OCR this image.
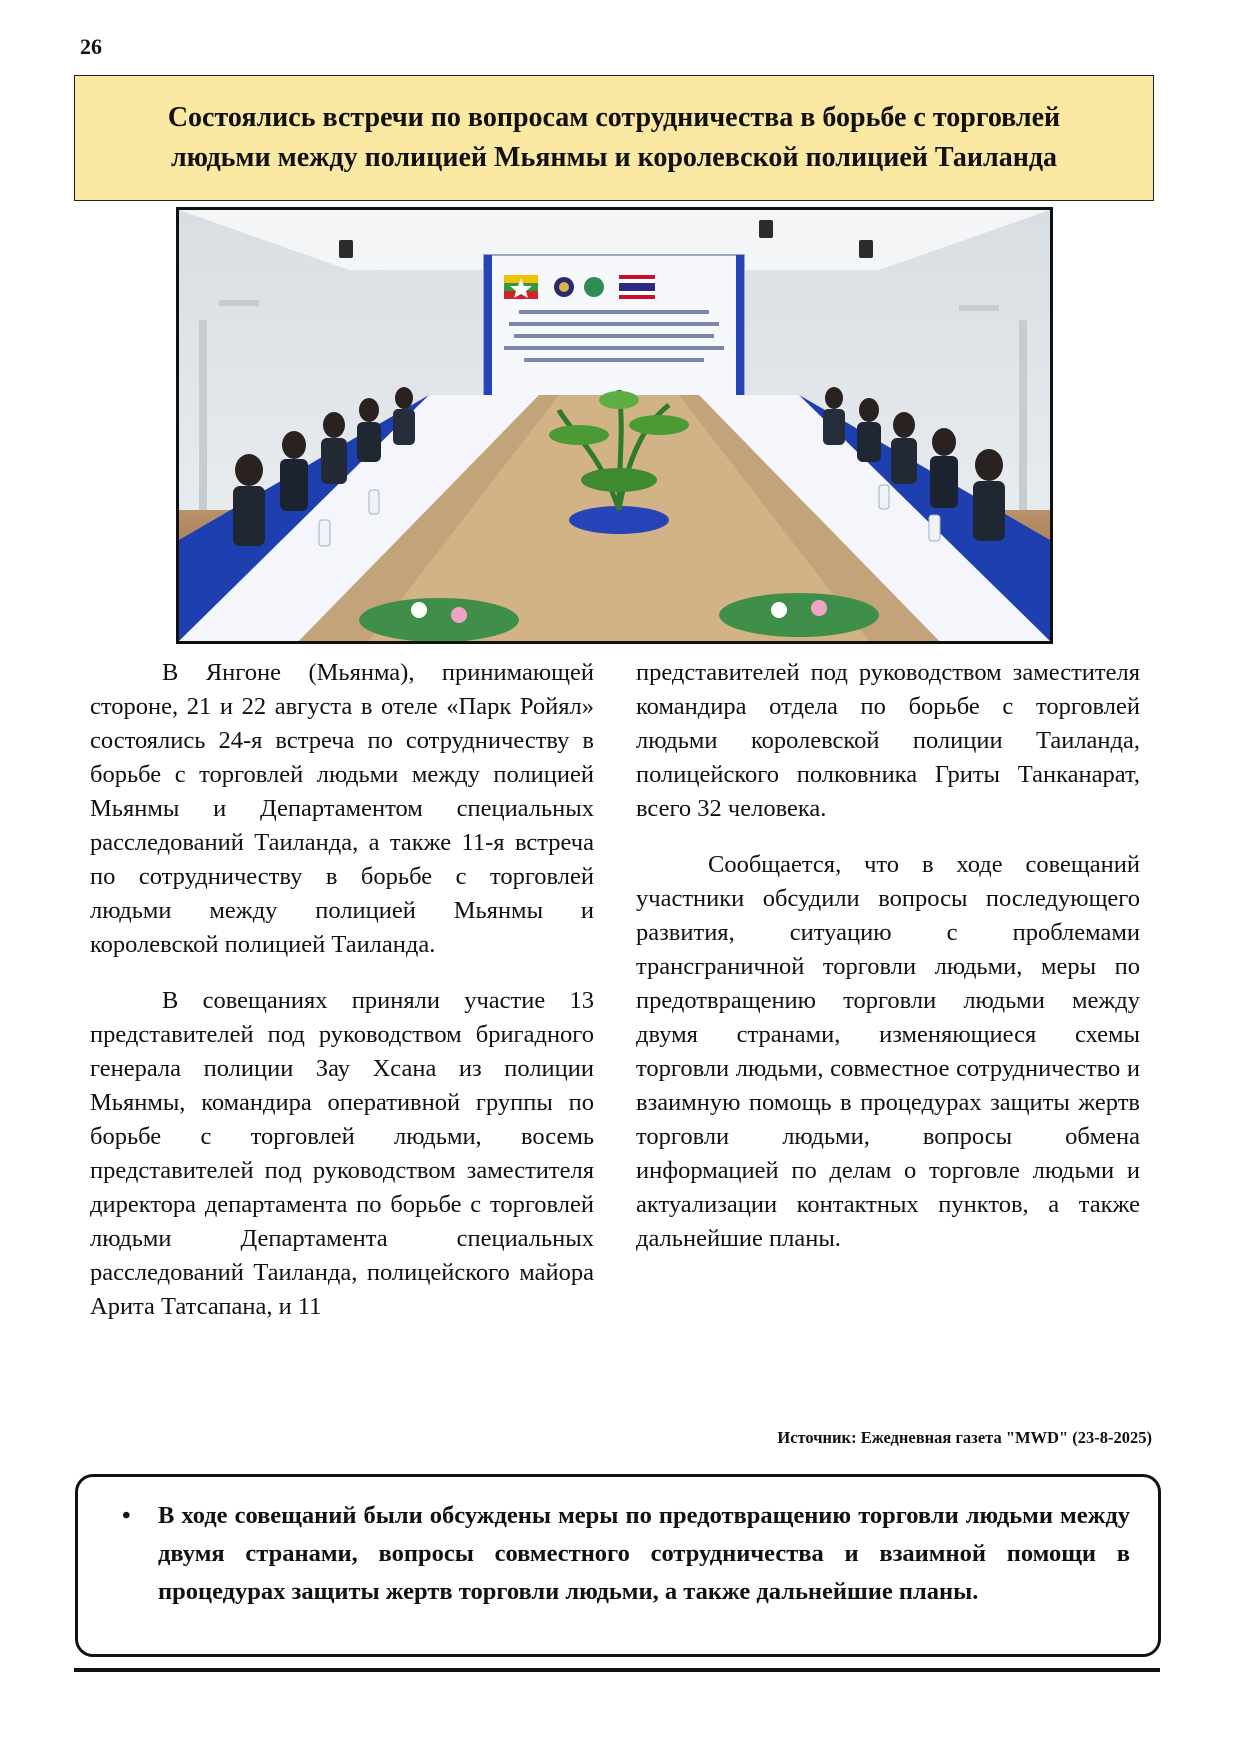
26
Состоялись встречи по вопросам сотрудничества в борьбе с торговлей
людьми между полицией Мьянмы и королевской полицией Таиланда

В Янгоне (Мьянма), принимающей стороне, 21 и 22 августа в отеле «Парк Ройял» состоялись 24-я встреча по сотрудничеству в борьбе с торговлей людьми между полицией Мьянмы и Департаментом специальных расследований Таиланда, а также 11-я встреча по сотрудничеству в борьбе с торговлей людьми между полицией Мьянмы и королевской полицией Таиланда.

В совещаниях приняли участие 13 представителей под руководством бригадного генерала полиции Зау Хсана из полиции Мьянмы, командира оперативной группы по борьбе с торговлей людьми, восемь представителей под руководством заместителя директора департамента по борьбе с торговлей людьми Департамента специальных расследований Таиланда, полицейского майора Арита Татсапана, и 11

представителей под руководством заместителя командира отдела по борьбе с торговлей людьми королевской полиции Таиланда, полицейского полковника Гриты Танканарат, всего 32 человека.

Сообщается, что в ходе совещаний участники обсудили вопросы последующего развития, ситуацию с проблемами трансграничной торговли людьми, меры по предотвращению торговли людьми между двумя странами, изменяющиеся схемы торговли людьми, совместное сотрудничество и взаимную помощь в процедурах защиты жертв торговли людьми, вопросы обмена информацией по делам о торговле людьми и актуализации контактных пунктов, а также дальнейшие планы.

Источник: Ежедневная газета "MWD" (23-8-2025)
• В ходе совещаний были обсуждены меры по предотвращению торговли людьми между двумя странами, вопросы совместного сотрудничества и взаимной помощи в процедурах защиты жертв торговли людьми, а также дальнейшие планы.
